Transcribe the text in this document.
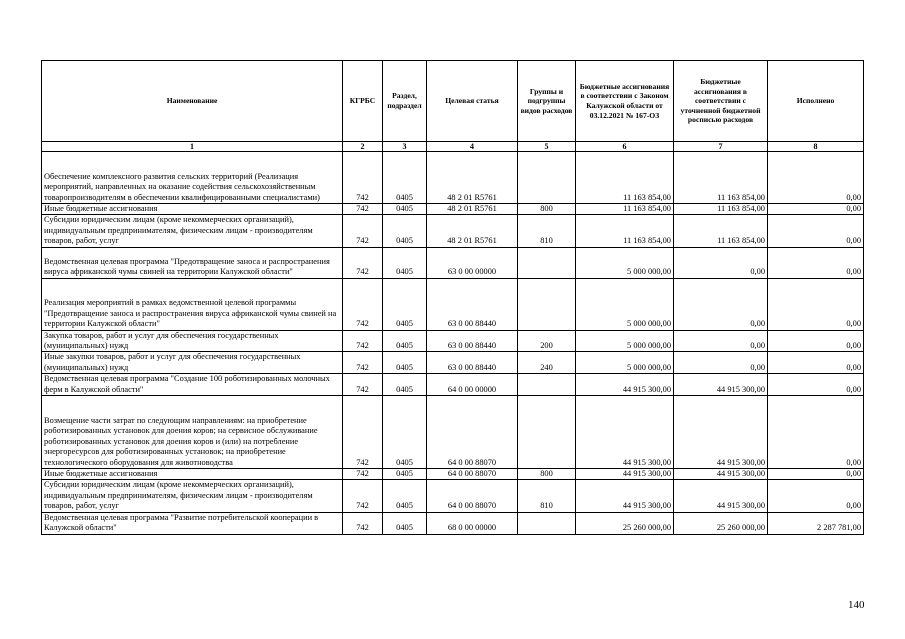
Наименование	КГРБС	Раздел, подраздел	Целевая статья	Группы и подгруппы видов расходов	Бюджетные ассигнования в соответствии с Законом Калужской области от 03.12.2021 № 167-ОЗ	Бюджетные ассигнования в соответствии с уточненной бюджетной росписью расходов	Исполнено
1	2	3	4	5	6	7	8
Обеспечение комплексного развития сельских территорий (Реализация мероприятий, направленных на оказание содействия сельскохозяйственным товаропроизводителям в обеспечении квалифицированными специалистами)	742	0405	48 2 01 R5761		11 163 854,00	11 163 854,00	0,00
Иные бюджетные ассигнования	742	0405	48 2 01 R5761	800	11 163 854,00	11 163 854,00	0,00
Субсидии юридическим лицам (кроме некоммерческих организаций), индивидуальным предпринимателям, физическим лицам - производителям товаров, работ, услуг	742	0405	48 2 01 R5761	810	11 163 854,00	11 163 854,00	0,00
Ведомственная целевая программа "Предотвращение заноса и распространения вируса африканской чумы свиней на территории Калужской области"	742	0405	63 0 00 00000		5 000 000,00	0,00	0,00
Реализация мероприятий в рамках ведомственной целевой программы "Предотвращение заноса и распространения вируса африканской чумы свиней на территории Калужской области"	742	0405	63 0 00 88440		5 000 000,00	0,00	0,00
Закупка товаров, работ и услуг для обеспечения государственных (муниципальных) нужд	742	0405	63 0 00 88440	200	5 000 000,00	0,00	0,00
Иные закупки товаров, работ и услуг для обеспечения государственных (муниципальных) нужд	742	0405	63 0 00 88440	240	5 000 000,00	0,00	0,00
Ведомственная целевая программа "Создание 100 роботизированных молочных ферм в Калужской области"	742	0405	64 0 00 00000		44 915 300,00	44 915 300,00	0,00
Возмещение части затрат по следующим направлениям: на приобретение роботизированных установок для доения коров; на сервисное обслуживание роботизированных установок для доения коров и (или) на потребление энергоресурсов для роботизированных установок; на приобретение технологического оборудования для животноводства	742	0405	64 0 00 88070		44 915 300,00	44 915 300,00	0,00
Иные бюджетные ассигнования	742	0405	64 0 00 88070	800	44 915 300,00	44 915 300,00	0,00
Субсидии юридическим лицам (кроме некоммерческих организаций), индивидуальным предпринимателям, физическим лицам - производителям товаров, работ, услуг	742	0405	64 0 00 88070	810	44 915 300,00	44 915 300,00	0,00
Ведомственная целевая программа "Развитие потребительской кооперации в Калужской области"	742	0405	68 0 00 00000		25 260 000,00	25 260 000,00	2 287 781,00
140
